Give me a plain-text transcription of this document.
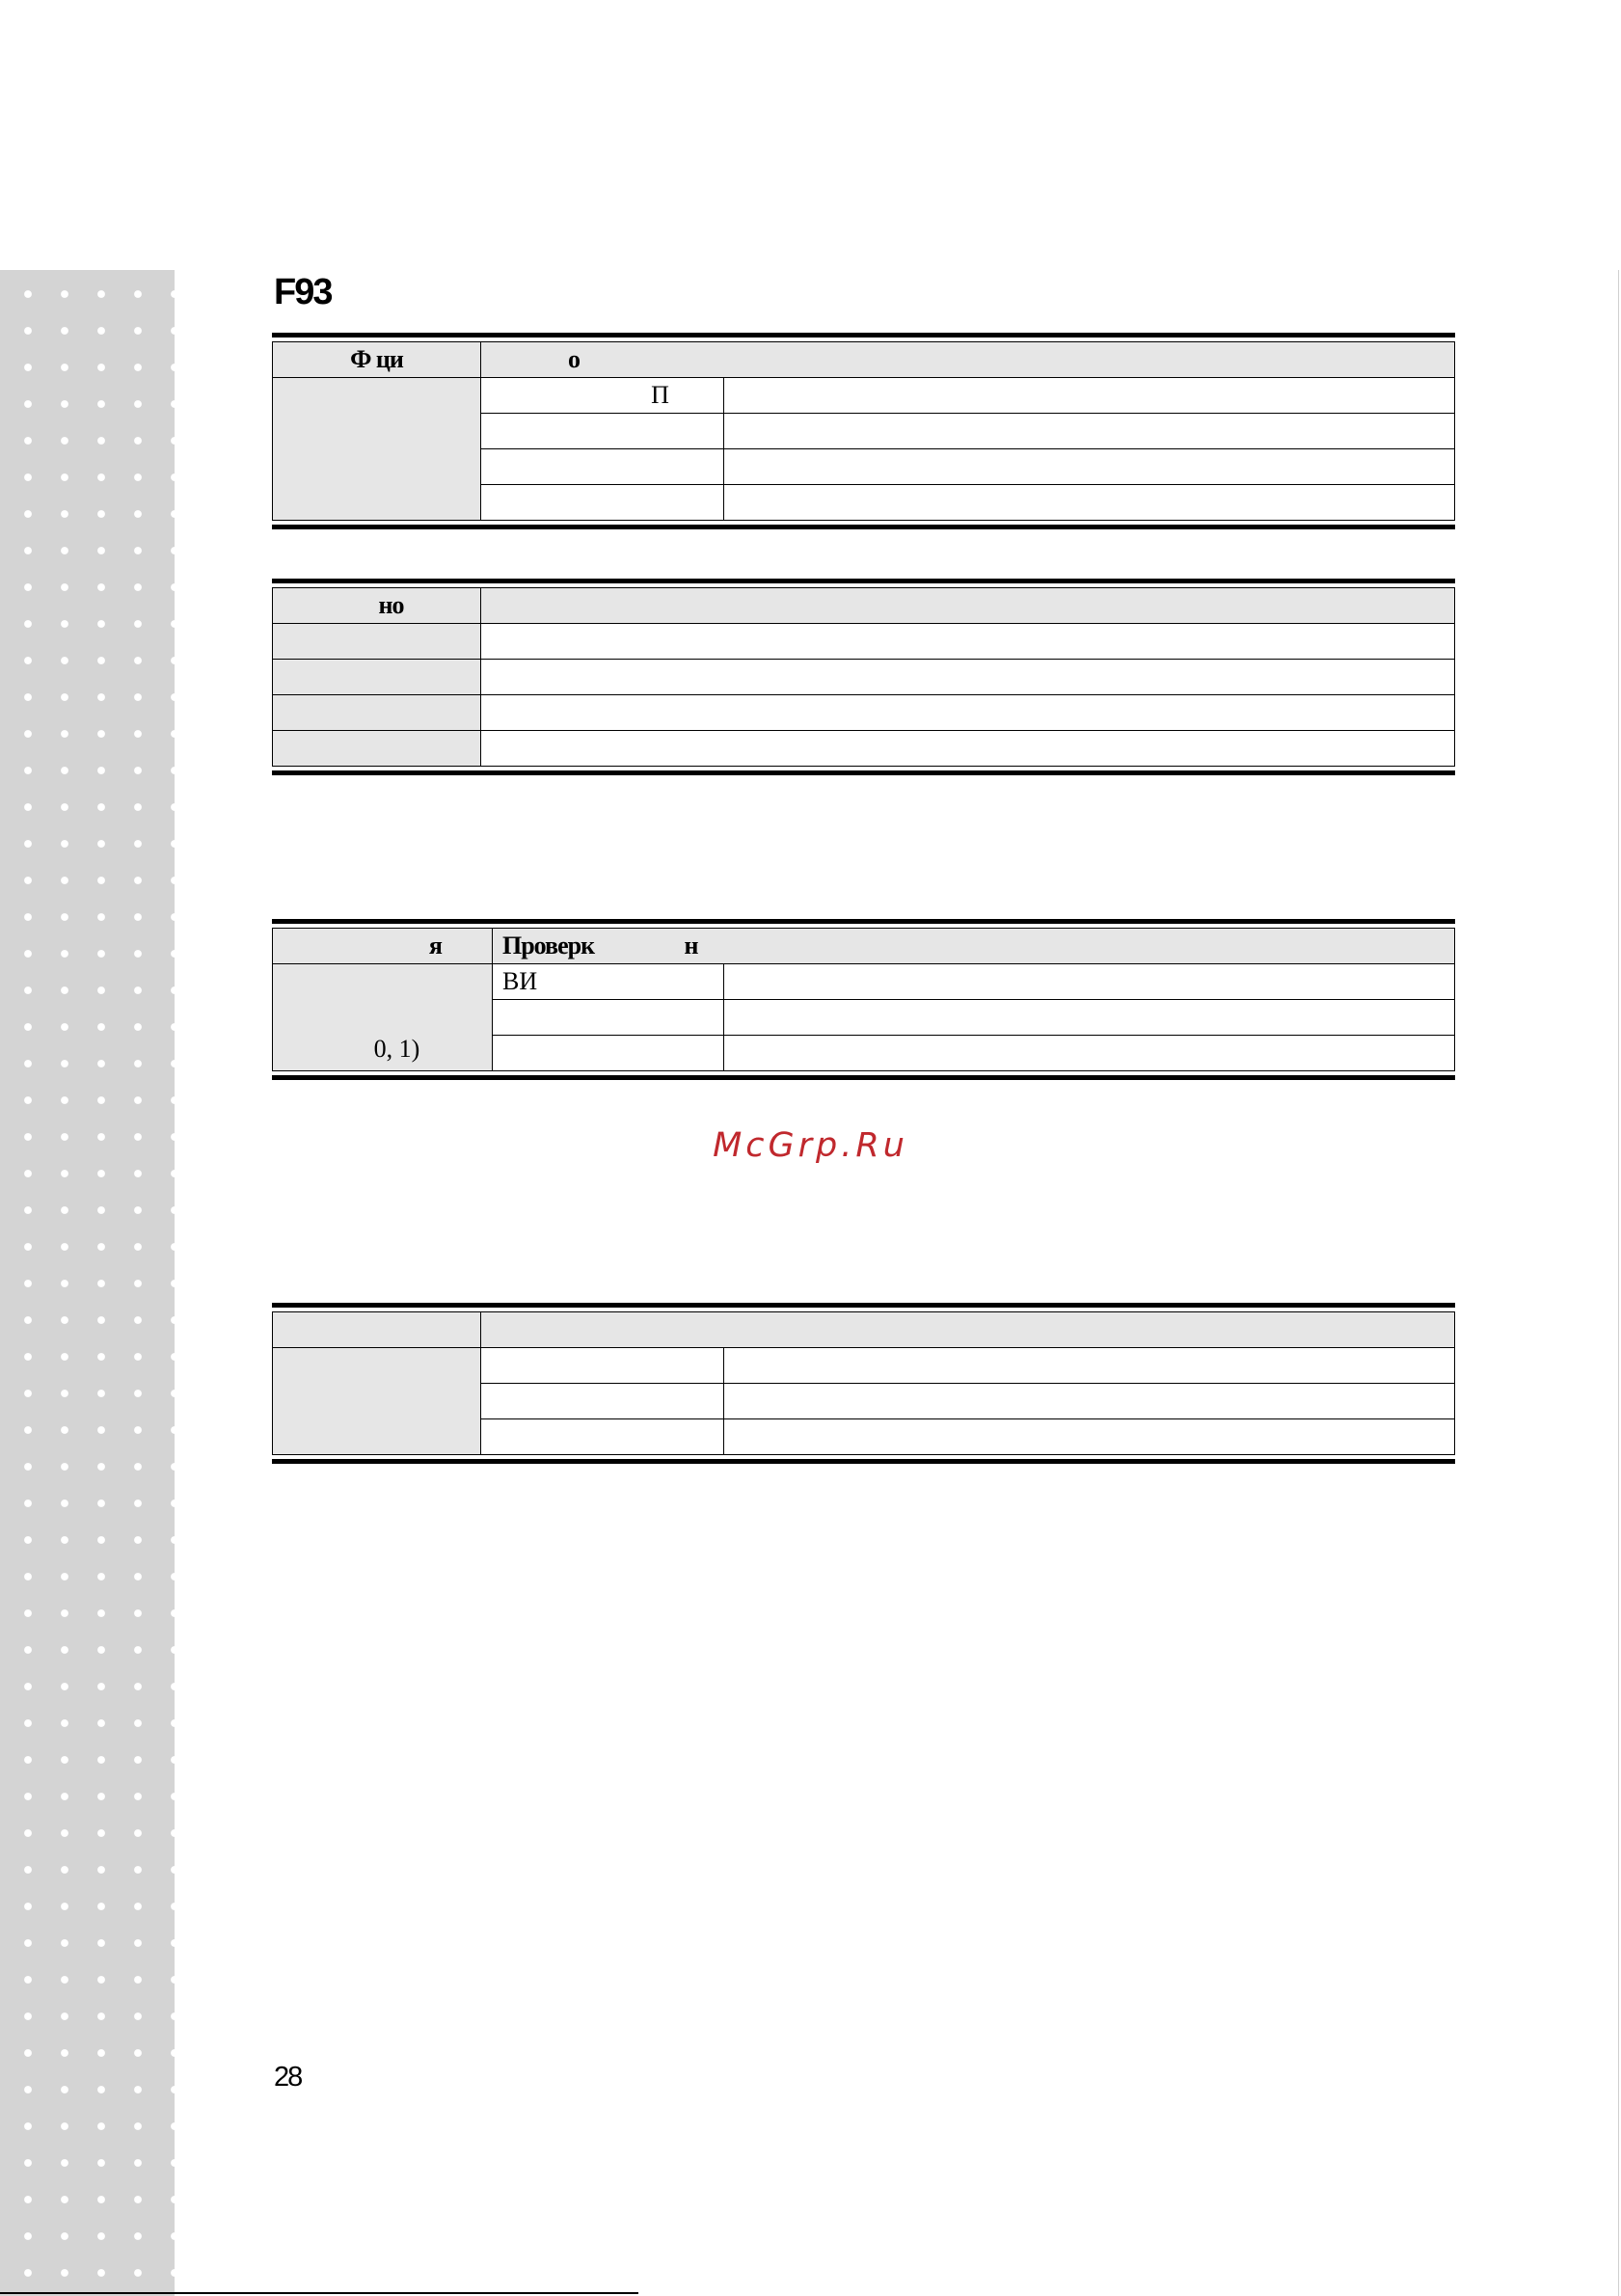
F93
Ф ци	о	
	П	

но	

я	Проверк                 н	
0, 1)	ВИ	

McGrp.Ru

28
